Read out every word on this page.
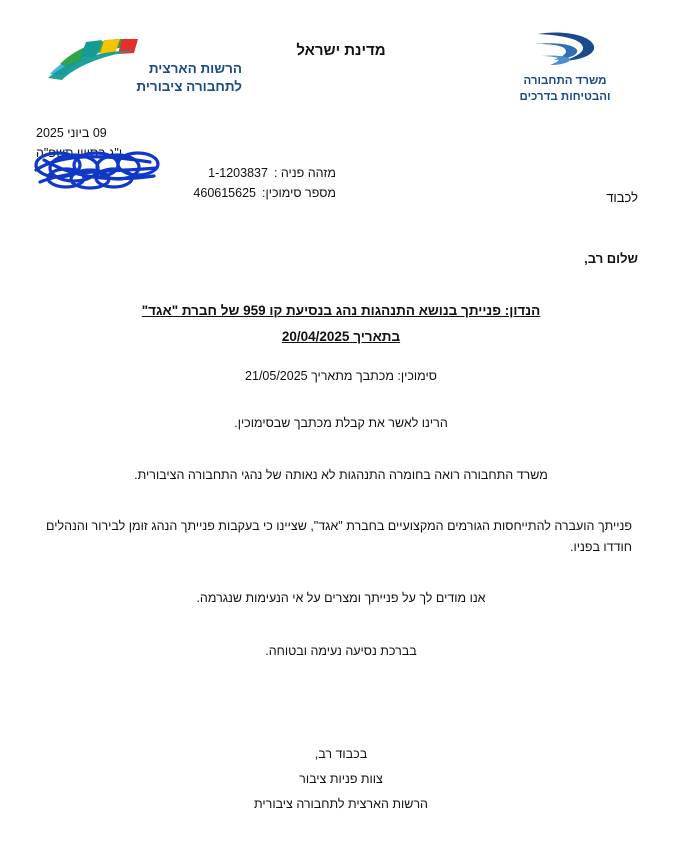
הרשות הארצית
לתחבורה ציבורית
מדינת ישראל
משרד התחבורה
והבטיחות בדרכים
09 ביוני 2025
י"ג בסיוון תשפ"ה
מזהה פניה :
1-1203837
מספר סימוכין:
460615625	לכבוד
שלום רב,
הנדון: פנייתך בנושא התנהגות נהג בנסיעת קו 959 של חברת "אגד"
בתאריך 20/04/2025
סימוכין: מכתבך מתאריך 21/05/2025
הרינו לאשר את קבלת מכתבך שבסימוכין.
משרד התחבורה רואה בחומרה התנהגות לא נאותה של נהגי התחבורה הציבורית.
פנייתך הועברה להתייחסות הגורמים המקצועיים בחברת "אגד", שציינו כי בעקבות פנייתך הנהג זומן לבירור והנהלים חודדו בפניו.
אנו מודים לך על פנייתך ומצרים על אי הנעימות שנגרמה.
בברכת נסיעה נעימה ובטוחה.
בכבוד רב,
צוות פניות ציבור
הרשות הארצית לתחבורה ציבורית
